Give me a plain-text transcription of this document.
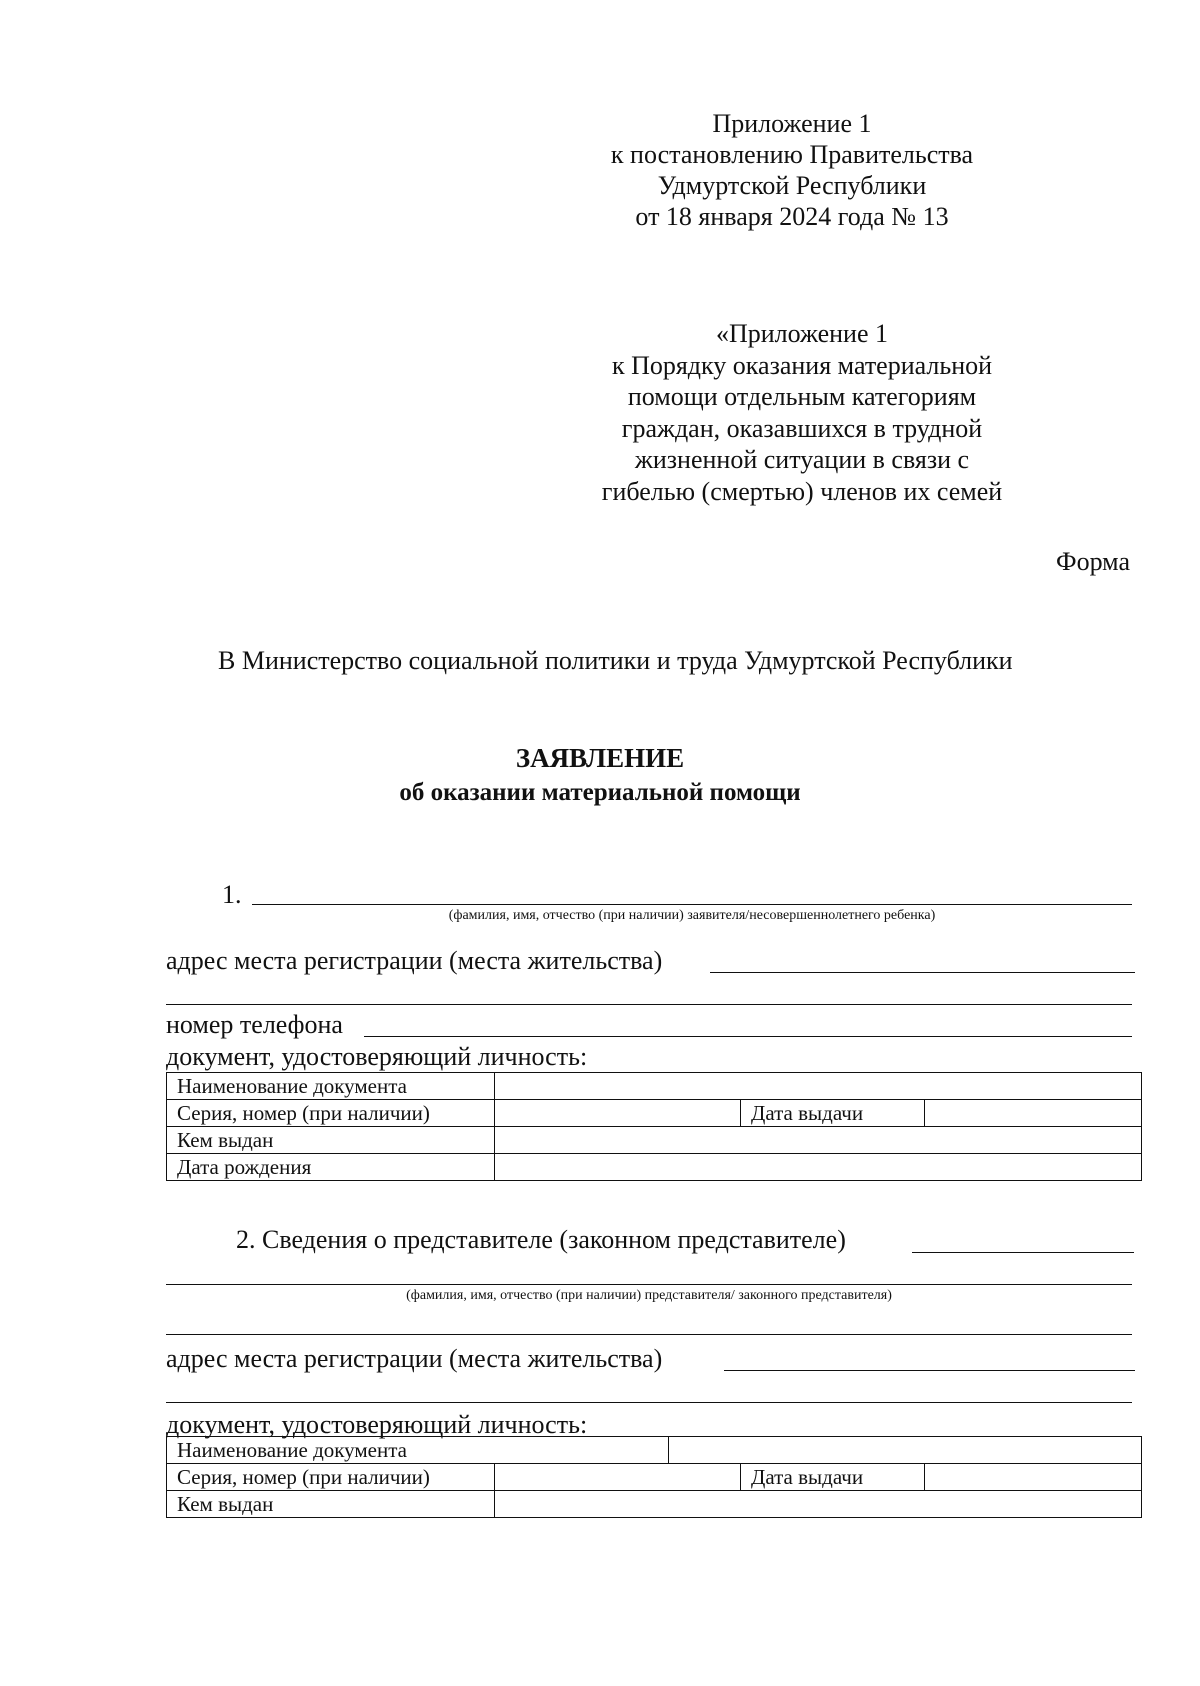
Приложение 1
к постановлению Правительства
Удмуртской Республики
от 18 января 2024 года № 13
«Приложение 1
к Порядку оказания материальной
помощи отдельным категориям
граждан, оказавшихся в трудной
жизненной ситуации в связи с
гибелью (смертью) членов их семей
Форма
В Министерство социальной политики и труда Удмуртской Республики
ЗАЯВЛЕНИЕ
об оказании материальной помощи
1.
(фамилия, имя, отчество (при наличии) заявителя/несовершеннолетнего ребенка)
адрес места регистрации (места жительства)
номер телефона
документ, удостоверяющий личность:
Наименование документа			
Серия, номер (при наличии)		Дата выдачи	
Кем выдан			
Дата рождения			
2. Сведения о представителе (законном представителе)
(фамилия, имя, отчество (при наличии) представителя/ законного представителя)
адрес места регистрации (места жительства)
документ, удостоверяющий личность:
Наименование документа				
Серия, номер (при наличии)			Дата выдачи	
Кем выдан				
